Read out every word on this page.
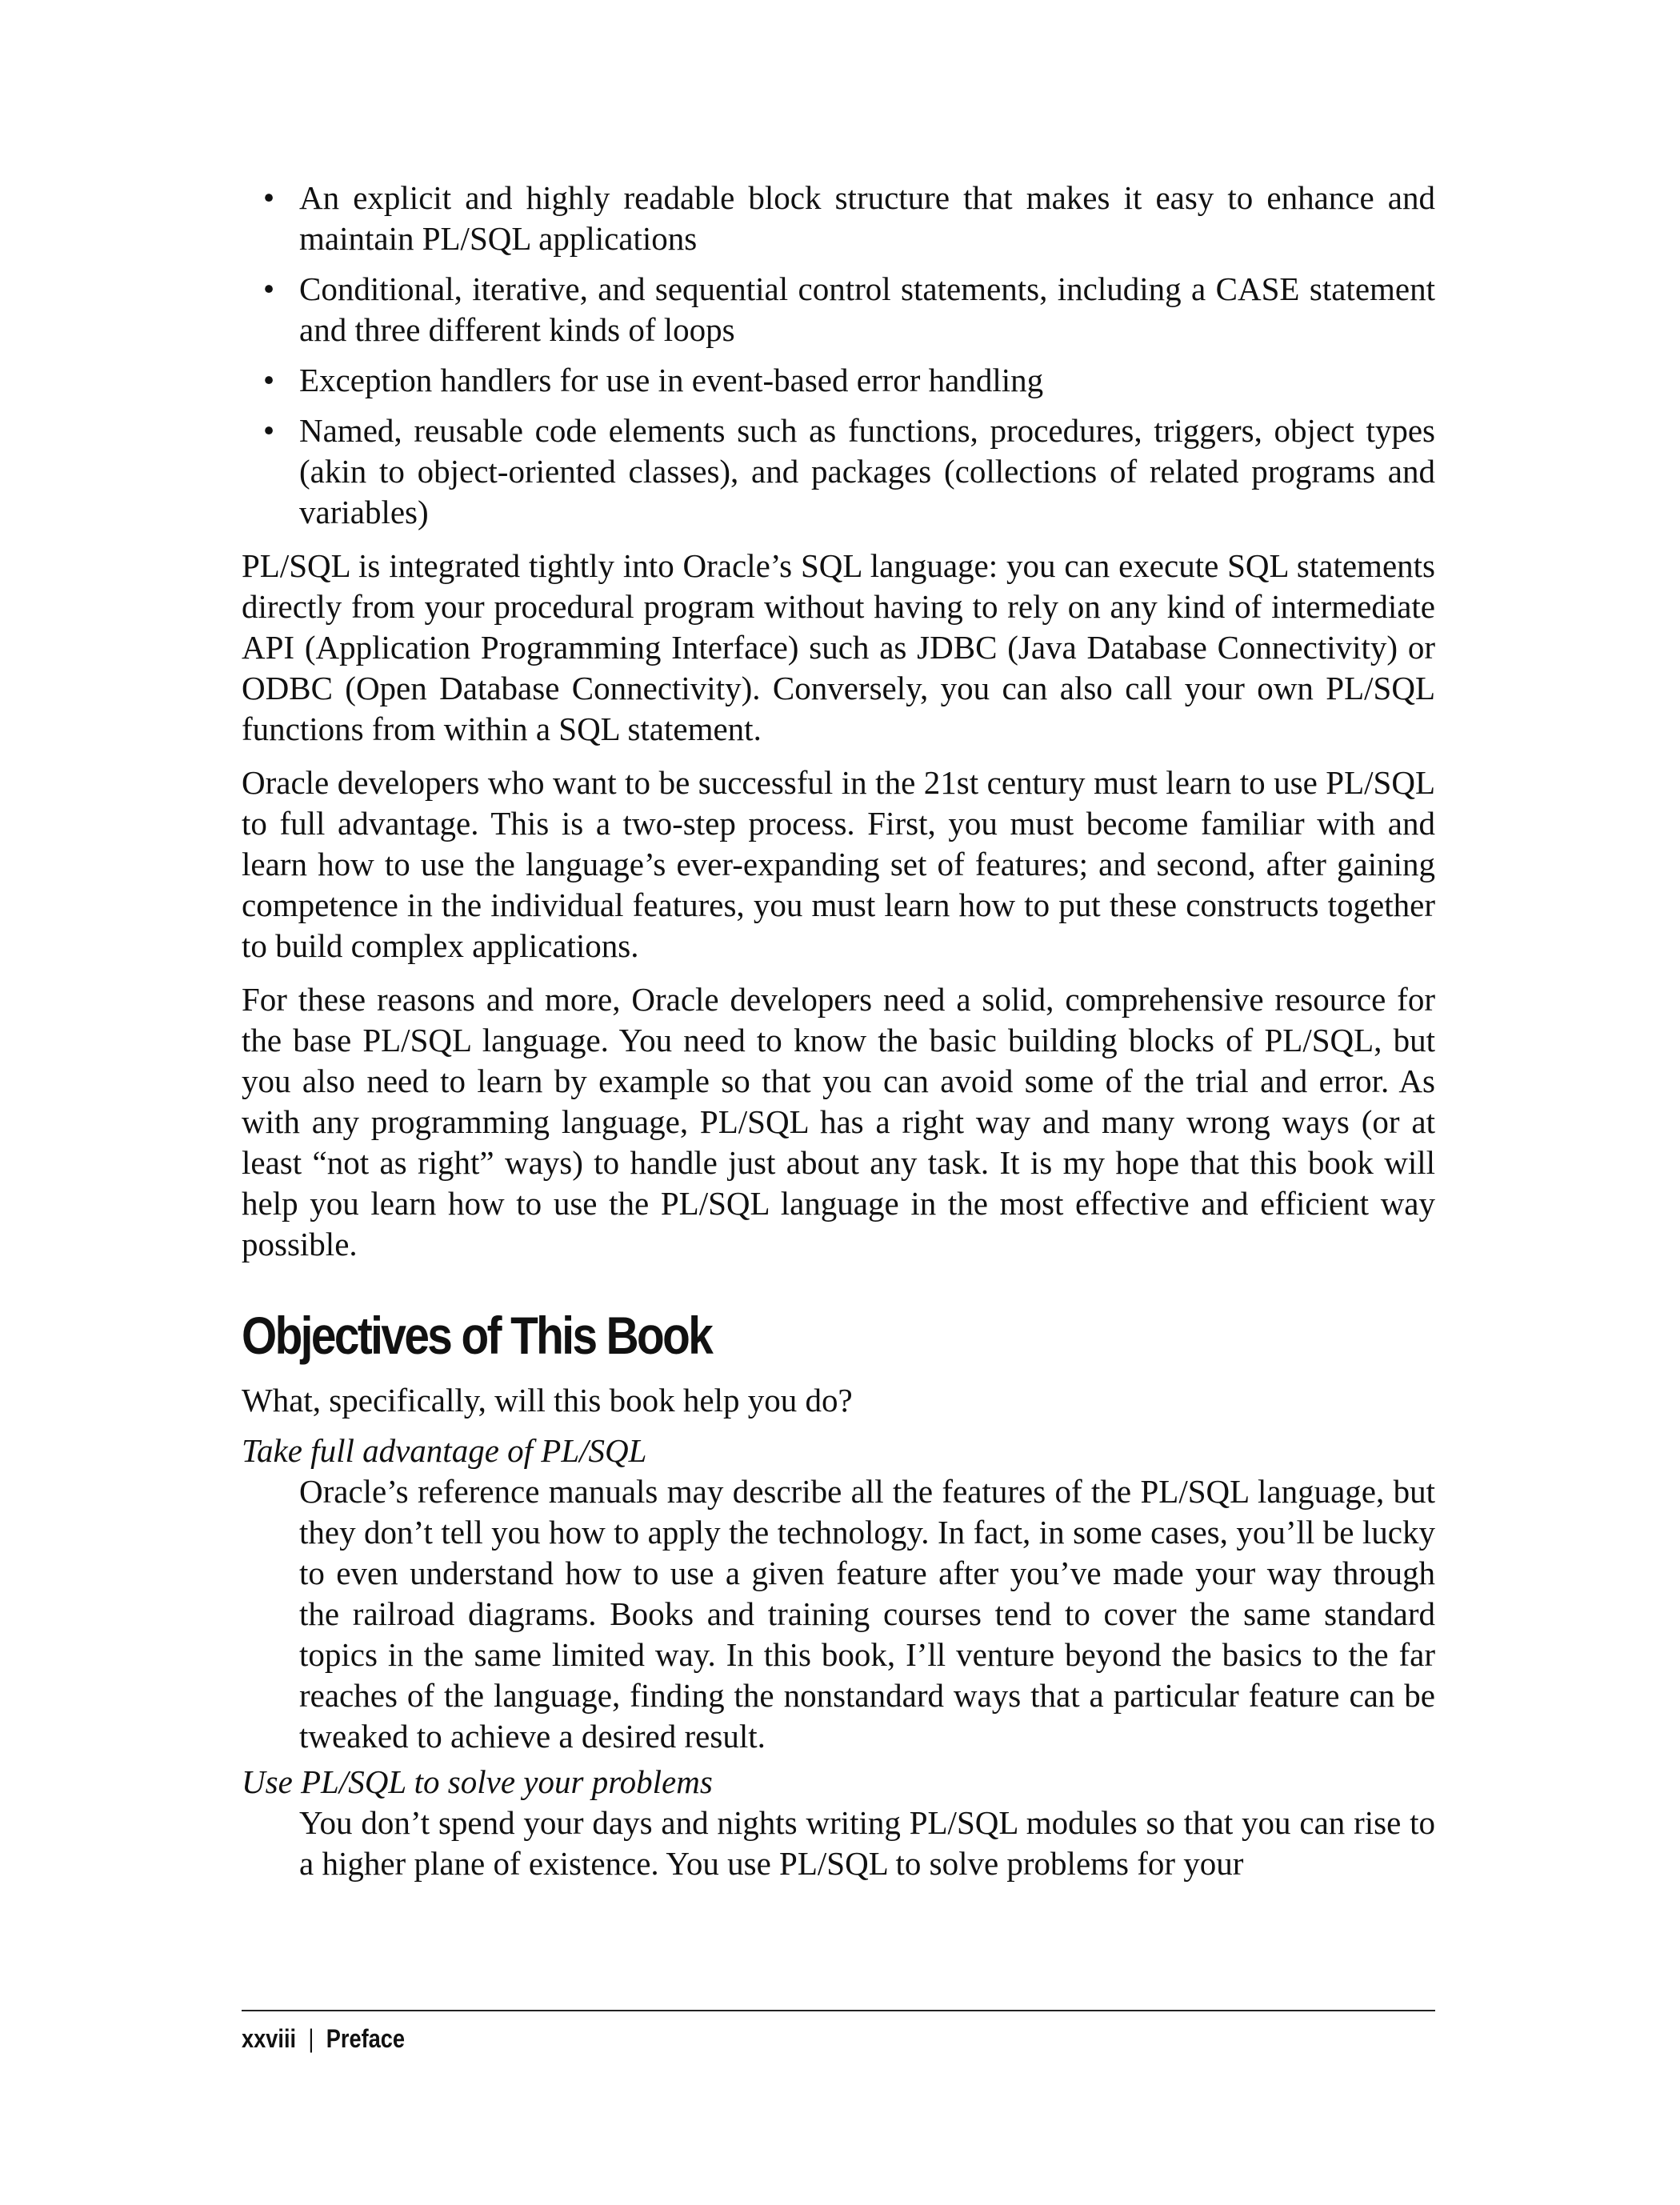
• An explicit and highly readable block structure that makes it easy to enhance and maintain PL/SQL applications
• Conditional, iterative, and sequential control statements, including a CASE statement and three different kinds of loops
• Exception handlers for use in event-based error handling
• Named, reusable code elements such as functions, procedures, triggers, object types (akin to object-oriented classes), and packages (collections of related programs and variables)

PL/SQL is integrated tightly into Oracle’s SQL language: you can execute SQL statements directly from your procedural program without having to rely on any kind of intermediate API (Application Programming Interface) such as JDBC (Java Database Connectivity) or ODBC (Open Database Connectivity). Conversely, you can also call your own PL/SQL functions from within a SQL statement.

Oracle developers who want to be successful in the 21st century must learn to use PL/SQL to full advantage. This is a two-step process. First, you must become familiar with and learn how to use the language’s ever-expanding set of features; and second, after gaining competence in the individual features, you must learn how to put these constructs together to build complex applications.

For these reasons and more, Oracle developers need a solid, comprehensive resource for the base PL/SQL language. You need to know the basic building blocks of PL/SQL, but you also need to learn by example so that you can avoid some of the trial and error. As with any programming language, PL/SQL has a right way and many wrong ways (or at least “not as right” ways) to handle just about any task. It is my hope that this book will help you learn how to use the PL/SQL language in the most effective and efficient way possible.

Objectives of This Book

What, specifically, will this book help you do?

Take full advantage of PL/SQL
Oracle’s reference manuals may describe all the features of the PL/SQL language, but they don’t tell you how to apply the technology. In fact, in some cases, you’ll be lucky to even understand how to use a given feature after you’ve made your way through the railroad diagrams. Books and training courses tend to cover the same standard topics in the same limited way. In this book, I’ll venture beyond the basics to the far reaches of the language, finding the nonstandard ways that a particular feature can be tweaked to achieve a desired result.
Use PL/SQL to solve your problems
You don’t spend your days and nights writing PL/SQL modules so that you can rise to a higher plane of existence. You use PL/SQL to solve problems for your
xxviii | Preface
